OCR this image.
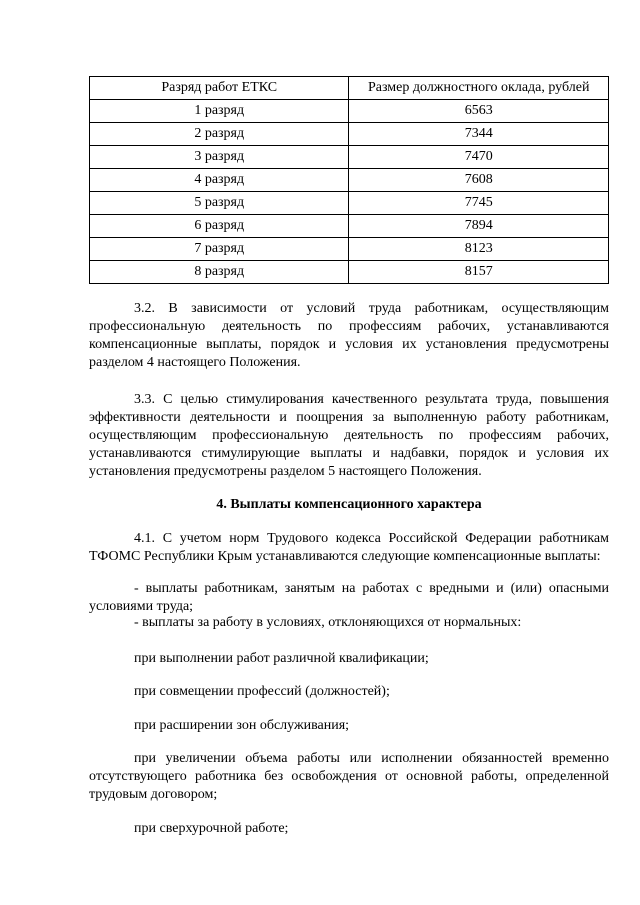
Разряд работ ЕТКС	Размер должностного оклада, рублей
1 разряд	6563
2 разряд	7344
3 разряд	7470
4 разряд	7608
5 разряд	7745
6 разряд	7894
7 разряд	8123
8 разряд	8157

3.2. В зависимости от условий труда работникам, осуществляющим профессиональную деятельность по профессиям рабочих, устанавливаются компенсационные выплаты, порядок и условия их установления предусмотрены разделом 4 настоящего Положения.

3.3. С целью стимулирования качественного результата труда, повышения эффективности деятельности и поощрения за выполненную работу работникам, осуществляющим профессиональную деятельность по профессиям рабочих, устанавливаются стимулирующие выплаты и надбавки, порядок и условия их установления предусмотрены разделом 5 настоящего Положения.

4. Выплаты компенсационного характера

4.1. С учетом норм Трудового кодекса Российской Федерации работникам ТФОМС Республики Крым устанавливаются следующие компенсационные выплаты:

- выплаты работникам, занятым на работах с вредными и (или) опасными условиями труда;

- выплаты за работу в условиях, отклоняющихся от нормальных:

при выполнении работ различной квалификации;

при совмещении профессий (должностей);

при расширении зон обслуживания;

при увеличении объема работы или исполнении обязанностей временно отсутствующего работника без освобождения от основной работы, определенной трудовым договором;

при сверхурочной работе;
